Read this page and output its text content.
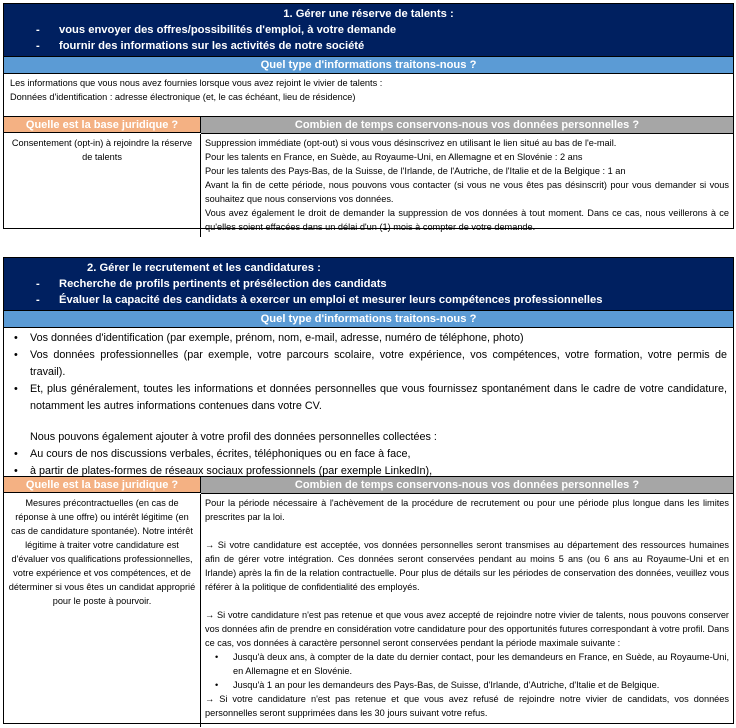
1. Gérer une réserve de talents :
- vous envoyer des offres/possibilités d'emploi, à votre demande
- fournir des informations sur les activités de notre société
Quel type d'informations traitons-nous ?
Les informations que vous nous avez fournies lorsque vous avez rejoint le vivier de talents :
Données d'identification : adresse électronique (et, le cas échéant, lieu de résidence)
Quelle est la base juridique ?	Combien de temps conservons-nous vos données personnelles ?
Consentement (opt-in) à rejoindre la réserve de talents

Suppression immédiate (opt-out) si vous vous désinscrivez en utilisant le lien situé au bas de l'e-mail.

Pour les talents en France, en Suède, au Royaume-Uni, en Allemagne et en Slovénie : 2 ans

Pour les talents des Pays-Bas, de la Suisse, de l'Irlande, de l'Autriche, de l'Italie et de la Belgique : 1 an

Avant la fin de cette période, nous pouvons vous contacter (si vous ne vous êtes pas désinscrit) pour vous demander si vous souhaitez que nous conservions vos données.

Vous avez également le droit de demander la suppression de vos données à tout moment. Dans ce cas, nous veillerons à ce qu'elles soient effacées dans un délai d'un (1) mois à compter de votre demande.

2. Gérer le recrutement et les candidatures :
- Recherche de profils pertinents et présélection des candidats
- Évaluer la capacité des candidats à exercer un emploi et mesurer leurs compétences professionnelles
Quel type d'informations traitons-nous ?
• Vos données d'identification (par exemple, prénom, nom, e-mail, adresse, numéro de téléphone, photo)
• Vos données professionnelles (par exemple, votre parcours scolaire, votre expérience, vos compétences, votre formation, votre permis de travail).
• Et, plus généralement, toutes les informations et données personnelles que vous fournissez spontanément dans le cadre de votre candidature, notamment les autres informations contenues dans votre CV.
Nous pouvons également ajouter à votre profil des données personnelles collectées :
• Au cours de nos discussions verbales, écrites, téléphoniques ou en face à face,
• à partir de plates-formes de réseaux sociaux professionnels (par exemple LinkedIn),
Quelle est la base juridique ?	Combien de temps conservons-nous vos données personnelles ?
Mesures précontractuelles (en cas de réponse à une offre) ou intérêt légitime (en cas de candidature spontanée). Notre intérêt légitime à traiter votre candidature est d'évaluer vos qualifications professionnelles, votre expérience et vos compétences, et de déterminer si vous êtes un candidat approprié pour le poste à pourvoir.

Pour la période nécessaire à l'achèvement de la procédure de recrutement ou pour une période plus longue dans les limites prescrites par la loi.

→ Si votre candidature est acceptée, vos données personnelles seront transmises au département des ressources humaines afin de gérer votre intégration. Ces données seront conservées pendant au moins 5 ans (ou 6 ans au Royaume-Uni et en Irlande) après la fin de la relation contractuelle. Pour plus de détails sur les périodes de conservation des données, veuillez vous référer à la politique de confidentialité des employés.

→ Si votre candidature n'est pas retenue et que vous avez accepté de rejoindre notre vivier de talents, nous pouvons conserver vos données afin de prendre en considération votre candidature pour des opportunités futures correspondant à votre profil. Dans ce cas, vos données à caractère personnel seront conservées pendant la période maximale suivante :

• Jusqu'à deux ans, à compter de la date du dernier contact, pour les demandeurs en France, en Suède, au Royaume-Uni, en Allemagne et en Slovénie.
• Jusqu'à 1 an pour les demandeurs des Pays-Bas, de Suisse, d'Irlande, d'Autriche, d'Italie et de Belgique.

→ Si votre candidature n'est pas retenue et que vous avez refusé de rejoindre notre vivier de candidats, vos données personnelles seront supprimées dans les 30 jours suivant votre refus.
